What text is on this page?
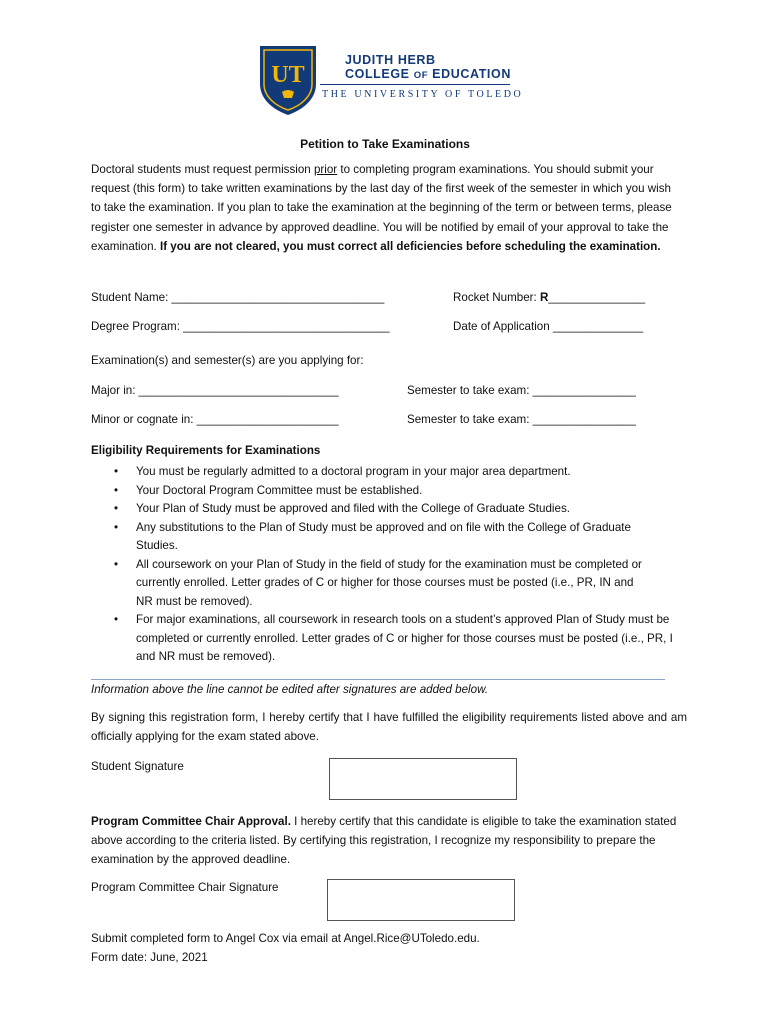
UT
JUDITH HERB
COLLEGE OF EDUCATION
THE UNIVERSITY OF TOLEDO
Petition to Take Examinations
Doctoral students must request permission prior to completing program examinations. You should submit your request (this form) to take written examinations by the last day of the first week of the semester in which you wish to take the examination. If you plan to take the examination at the beginning of the term or between terms, please register one semester in advance by approved deadline. You will be notified by email of your approval to take the examination. If you are not cleared, you must correct all deficiencies before scheduling the examination.
Student Name: _________________________________	Rocket Number: R_______________
Degree Program: ________________________________	Date of Application ______________
Examination(s) and semester(s) are you applying for:
Major in: _______________________________	Semester to take exam: ________________
Minor or cognate in: ______________________	Semester to take exam: ________________
Eligibility Requirements for Examinations
• You must be regularly admitted to a doctoral program in your major area department.
• Your Doctoral Program Committee must be established.
• Your Plan of Study must be approved and filed with the College of Graduate Studies.
• Any substitutions to the Plan of Study must be approved and on file with the College of Graduate Studies.
• All coursework on your Plan of Study in the field of study for the examination must be completed or currently enrolled. Letter grades of C or higher for those courses must be posted (i.e., PR, IN and NR must be removed).
• For major examinations, all coursework in research tools on a student’s approved Plan of Study must be completed or currently enrolled. Letter grades of C or higher for those courses must be posted (i.e., PR, I and NR must be removed).
Information above the line cannot be edited after signatures are added below.
By signing this registration form, I hereby certify that I have fulfilled the eligibility requirements listed above and am officially applying for the exam stated above.
Student Signature
Program Committee Chair Approval. I hereby certify that this candidate is eligible to take the examination stated above according to the criteria listed. By certifying this registration, I recognize my responsibility to prepare the examination by the approved deadline.
Program Committee Chair Signature
Submit completed form to Angel Cox via email at Angel.Rice@UToledo.edu.
Form date: June, 2021
